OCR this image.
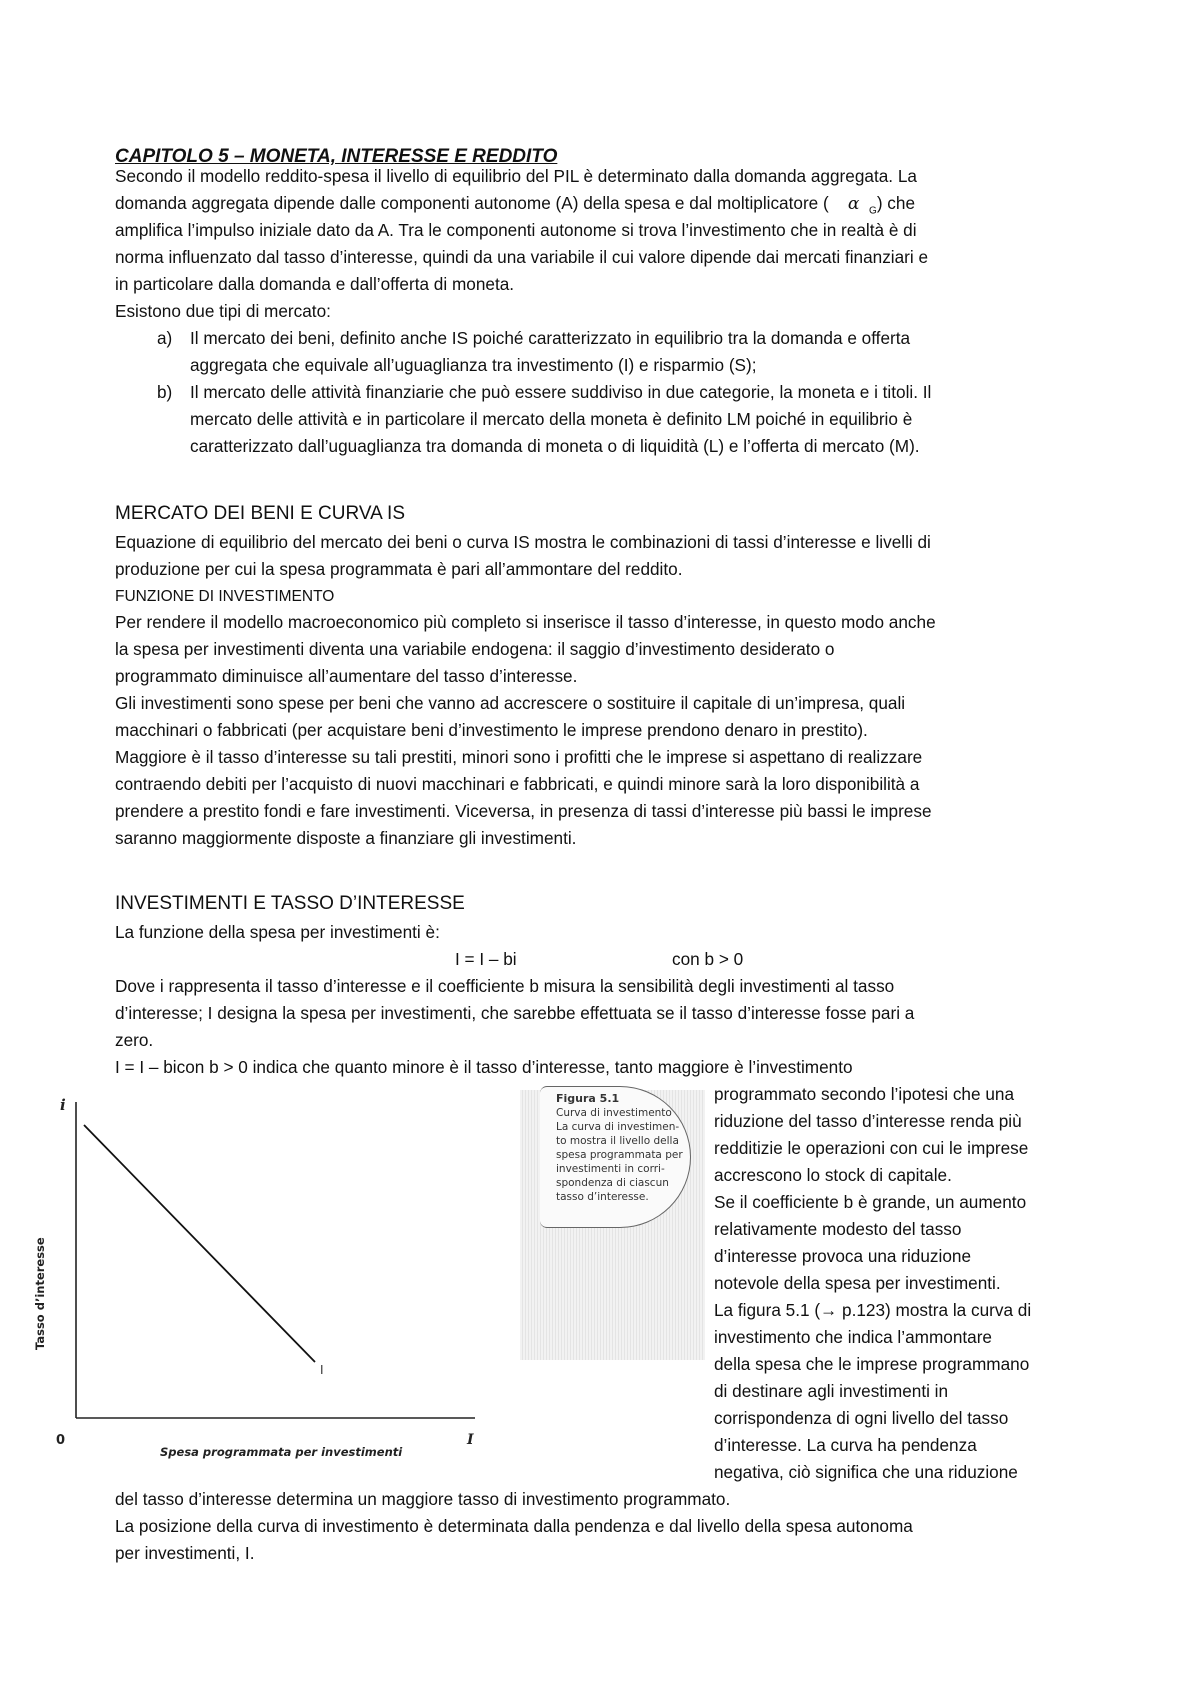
CAPITOLO 5 – MONETA, INTERESSE E REDDITO
Secondo il modello reddito-spesa il livello di equilibrio del PIL è determinato dalla domanda aggregata. La
domanda aggregata dipende dalle componenti autonome (A) della spesa e dal moltiplicatore ( α $_G$) che
amplifica l’impulso iniziale dato da A. Tra le componenti autonome si trova l’investimento che in realtà è di
norma influenzato dal tasso d’interesse, quindi da una variabile il cui valore dipende dai mercati finanziari e
in particolare dalla domanda e dall’offerta di moneta.
Esistono due tipi di mercato:
a) Il mercato dei beni, definito anche IS poiché caratterizzato in equilibrio tra la domanda e offerta
aggregata che equivale all’uguaglianza tra investimento (I) e risparmio (S);
b) Il mercato delle attività finanziarie che può essere suddiviso in due categorie, la moneta e i titoli. Il
mercato delle attività e in particolare il mercato della moneta è definito LM poiché in equilibrio è
caratterizzato dall’uguaglianza tra domanda di moneta o di liquidità (L) e l’offerta di mercato (M).
MERCATO DEI BENI E CURVA IS
Equazione di equilibrio del mercato dei beni o curva IS mostra le combinazioni di tassi d’interesse e livelli di
produzione per cui la spesa programmata è pari all’ammontare del reddito.
FUNZIONE DI INVESTIMENTO
Per rendere il modello macroeconomico più completo si inserisce il tasso d’interesse, in questo modo anche
la spesa per investimenti diventa una variabile endogena: il saggio d’investimento desiderato o
programmato diminuisce all’aumentare del tasso d’interesse.
Gli investimenti sono spese per beni che vanno ad accrescere o sostituire il capitale di un’impresa, quali
macchinari o fabbricati (per acquistare beni d’investimento le imprese prendono denaro in prestito).
Maggiore è il tasso d’interesse su tali prestiti, minori sono i profitti che le imprese si aspettano di realizzare
contraendo debiti per l’acquisto di nuovi macchinari e fabbricati, e quindi minore sarà la loro disponibilità a
prendere a prestito fondi e fare investimenti. Viceversa, in presenza di tassi d’interesse più bassi le imprese
saranno maggiormente disposte a finanziare gli investimenti.
INVESTIMENTI E TASSO D’INTERESSE
La funzione della spesa per investimenti è:
I = I – bi	con b > 0
Dove i rappresenta il tasso d’interesse e il coefficiente b misura la sensibilità degli investimenti al tasso
d’interesse; I designa la spesa per investimenti, che sarebbe effettuata se il tasso d’interesse fosse pari a
zero.
I = I – bicon b > 0 indica che quanto minore è il tasso d’interesse, tanto maggiore è l’investimento
programmato secondo l’ipotesi che una
riduzione del tasso d’interesse renda più
redditizie le operazioni con cui le imprese
accrescono lo stock di capitale.
Se il coefficiente b è grande, un aumento
relativamente modesto del tasso
d’interesse provoca una riduzione
notevole della spesa per investimenti.
La figura 5.1 (→ p.123) mostra la curva di
investimento che indica l’ammontare
della spesa che le imprese programmano
di destinare agli investimenti in
corrispondenza di ogni livello del tasso
d’interesse. La curva ha pendenza
negativa, ciò significa che una riduzione
del tasso d’interesse determina un maggiore tasso di investimento programmato.
La posizione della curva di investimento è determinata dalla pendenza e dal livello della spesa autonoma
per investimenti, I.
i
0	I
I
Spesa programmata per investimenti
Tasso d’interesse
Figura 5.1
Curva di investimento
La curva di investimen-
to mostra il livello della
spesa programmata per
investimenti in corri-
spondenza di ciascun
tasso d’interesse.
